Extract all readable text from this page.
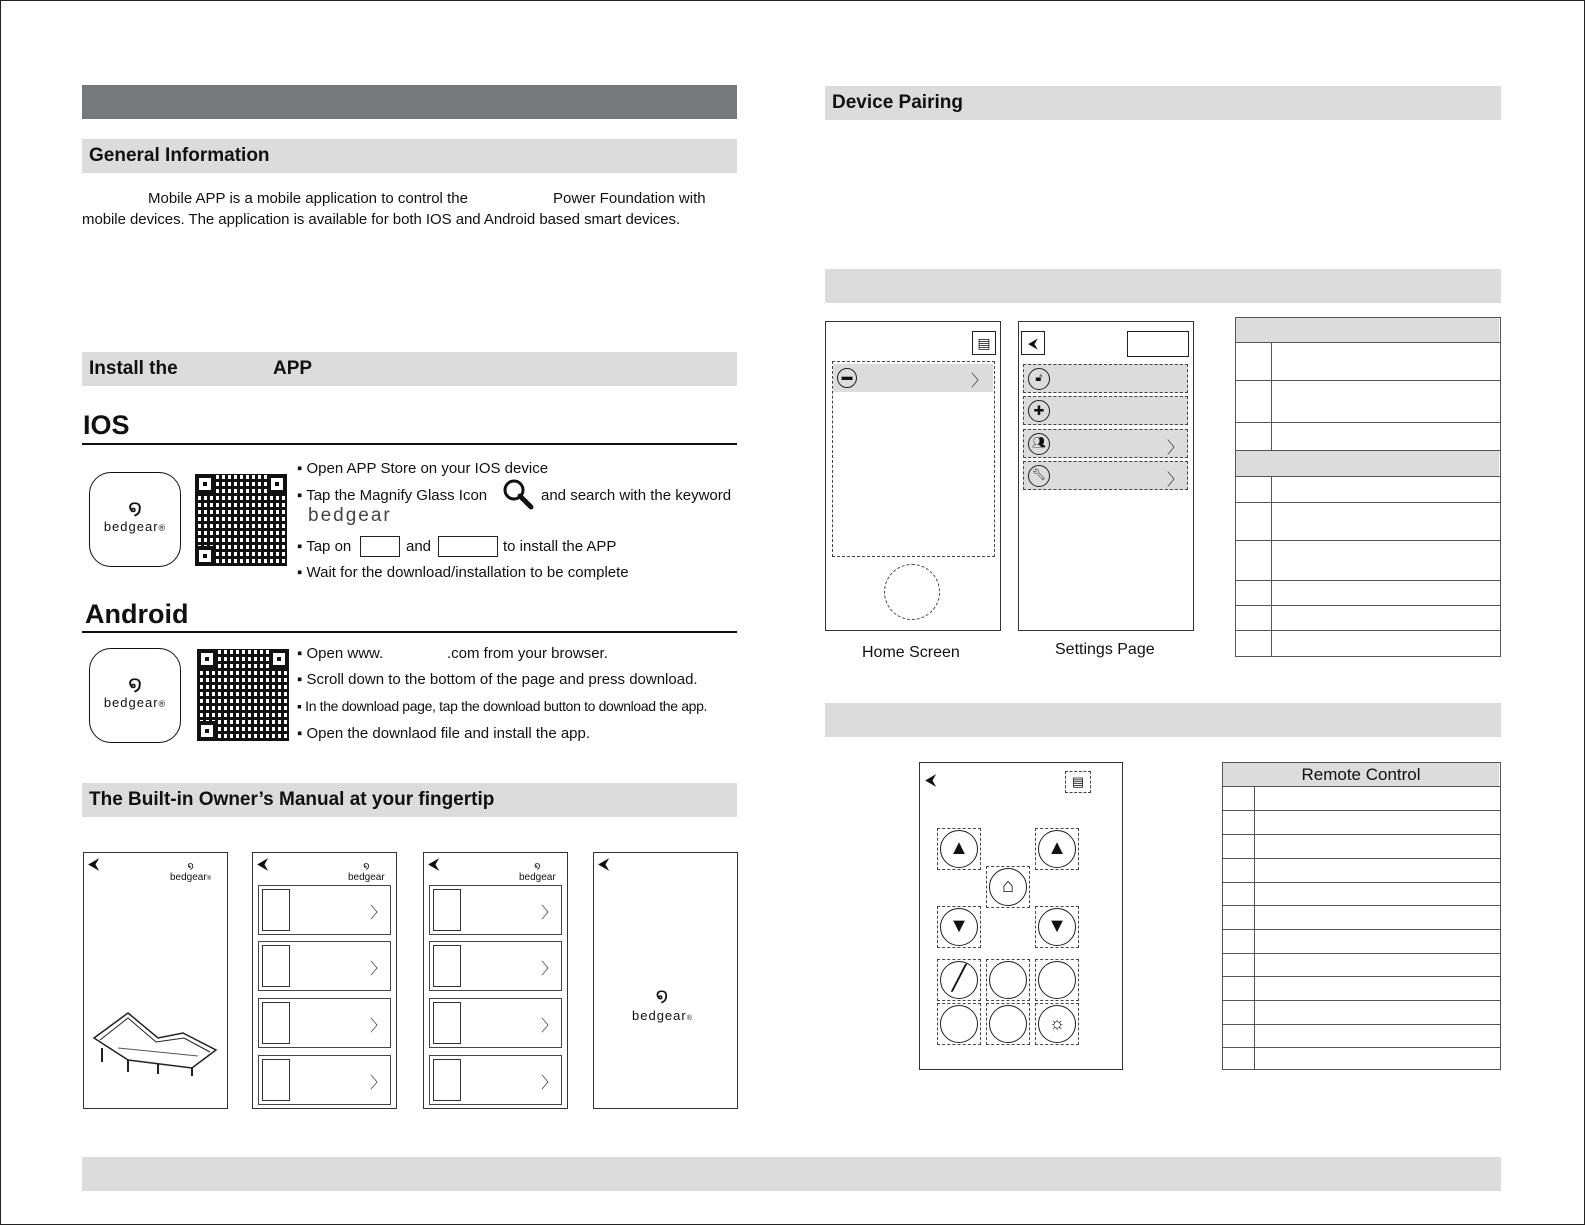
General Information
Mobile APP is a mobile application to control the	Power Foundation with
mobile devices. The application is available for both IOS and Android based smart devices.
Install the	APP
IOS
໑
bedgear®
▪ Open APP Store on your IOS device
▪ Tap the Magnify Glass Icon	and search with the keyword
bedgear
▪ Tap on	and	to install the APP
▪ Wait for the download/installation to be complete
Android
໑
bedgear®
▪ Open www.	.com from your browser.
▪ Scroll down to the bottom of the page and press download.
▪ In the download page, tap the download button to download the app.
▪ Open the downlaod file and install the app.
The Built-in Owner’s Manual at your fingertip
⮜	໑
bedgear®
⮜	໑
bedgear
〉
〉
〉
〉
⮜	໑
bedgear
〉
〉
〉
〉
⮜
໑
bedgear®
Device Pairing
▤
▬	〉
Home Screen
⮜
🔓︎
✚
👥︎	〉
🔧︎	〉
Settings Page
⮜	▤
▲	▲
⌂
▼	▼
╱
☼
Remote Control
